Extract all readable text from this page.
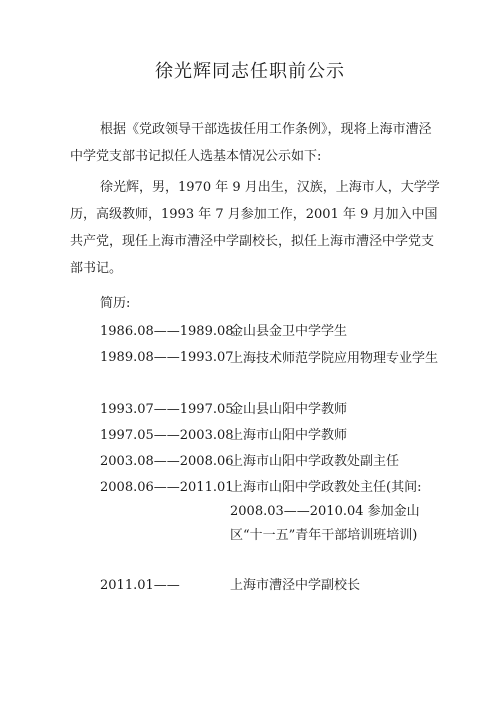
徐光辉同志任职前公示
根据《党政领导干部选拔任用工作条例》，现将上海市漕泾中学党支部书记拟任人选基本情况公示如下:
徐光辉，男，1970 年 9 月出生，汉族，上海市人，大学学历，高级教师，1993 年 7 月参加工作，2001 年 9 月加入中国共产党，现任上海市漕泾中学副校长，拟任上海市漕泾中学党支部书记。
简历:
1986.08——1989.08
金山县金卫中学学生
1989.08——1993.07
上海技术师范学院应用物理专业学生
1993.07——1997.05
金山县山阳中学教师
1997.05——2003.08
上海市山阳中学教师
2003.08——2008.06
上海市山阳中学政教处副主任
2008.06——2011.01
上海市山阳中学政教处主任(其间: 2008.03——2010.04 参加金山区“十一五”青年干部培训班培训)
2011.01——	上海市漕泾中学副校长
